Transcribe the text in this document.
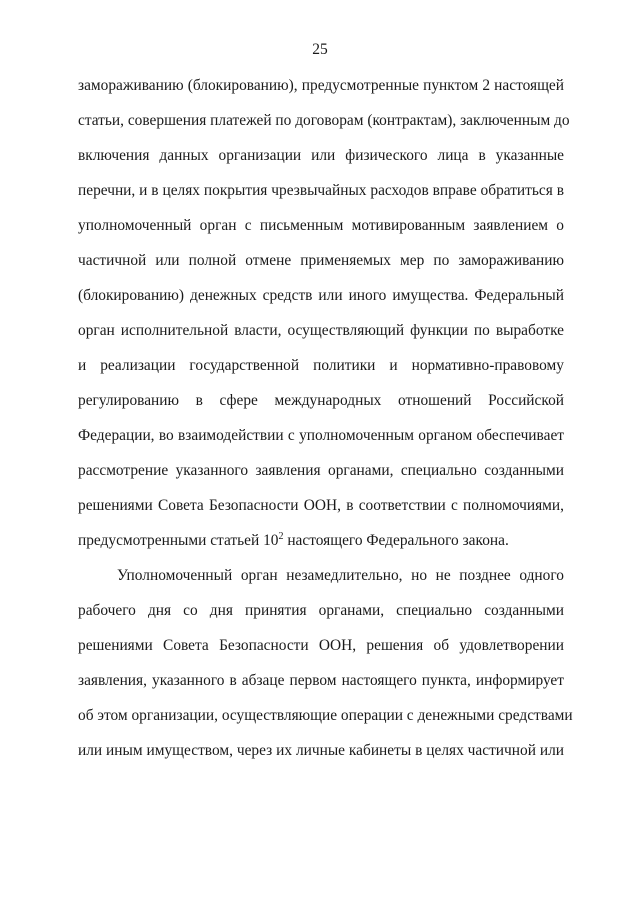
25
замораживанию (блокированию), предусмотренные пунктом 2 настоящей
статьи, совершения платежей по договорам (контрактам), заключенным до
включения данных организации или физического лица в указанные
перечни, и в целях покрытия чрезвычайных расходов вправе обратиться в
уполномоченный орган с письменным мотивированным заявлением о
частичной или полной отмене применяемых мер по замораживанию
(блокированию) денежных средств или иного имущества. Федеральный
орган исполнительной власти, осуществляющий функции по выработке
и реализации государственной политики и нормативно-правовому
регулированию в сфере международных отношений Российской
Федерации, во взаимодействии с уполномоченным органом обеспечивает
рассмотрение указанного заявления органами, специально созданными
решениями Совета Безопасности ООН, в соответствии с полномочиями,
предусмотренными статьей $10^2$ настоящего Федерального закона.
Уполномоченный орган незамедлительно, но не позднее одного
рабочего дня со дня принятия органами, специально созданными
решениями Совета Безопасности ООН, решения об удовлетворении
заявления, указанного в абзаце первом настоящего пункта, информирует
об этом организации, осуществляющие операции с денежными средствами
или иным имуществом, через их личные кабинеты в целях частичной или
